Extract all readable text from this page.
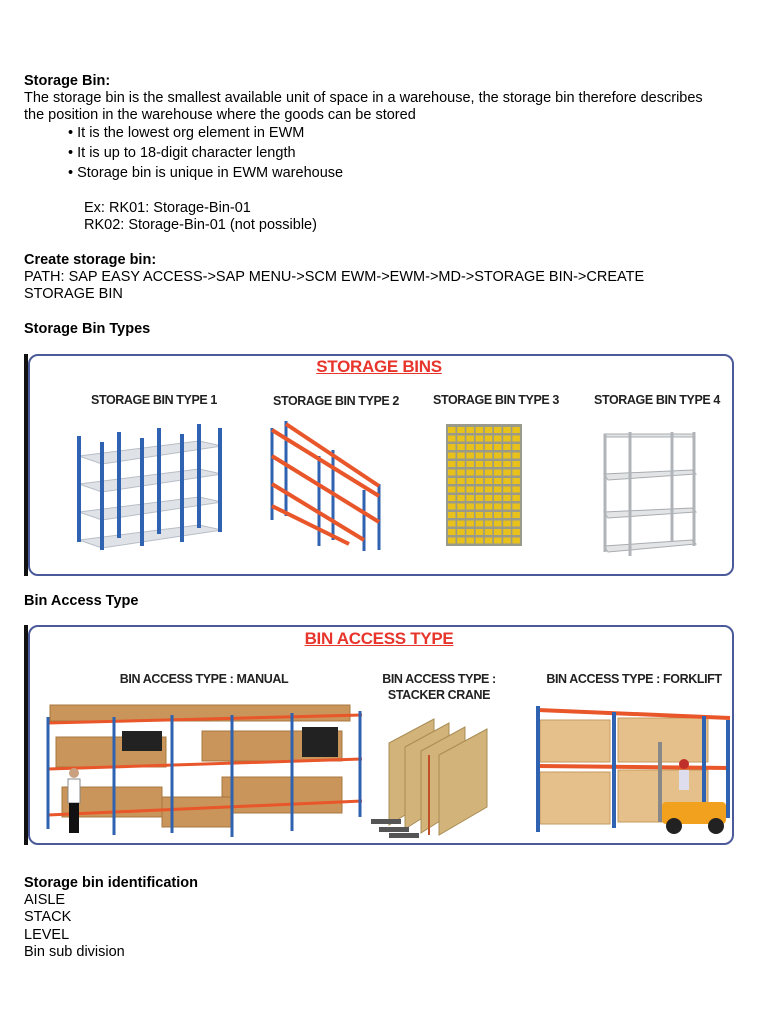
Storage Bin:
The storage bin is the smallest available unit of space in a warehouse, the storage bin therefore describes
the position in the warehouse where the goods can be stored
• It is the lowest org element in EWM
• It is up to 18-digit character length
• Storage bin is unique in EWM warehouse
Ex: RK01: Storage-Bin-01
RK02: Storage-Bin-01 (not possible)
Create storage bin:
PATH: SAP EASY ACCESS->SAP MENU->SCM EWM->EWM->MD->STORAGE BIN->CREATE
STORAGE BIN
Storage Bin Types
STORAGE BINS
STORAGE BIN TYPE 1	STORAGE BIN TYPE 2	STORAGE BIN TYPE 3	STORAGE BIN TYPE 4
Bin Access Type
BIN ACCESS TYPE
BIN ACCESS TYPE : MANUAL	BIN ACCESS TYPE :
STACKER CRANE
BIN ACCESS TYPE : FORKLIFT
Storage bin identification
AISLE
STACK
LEVEL
Bin sub division
